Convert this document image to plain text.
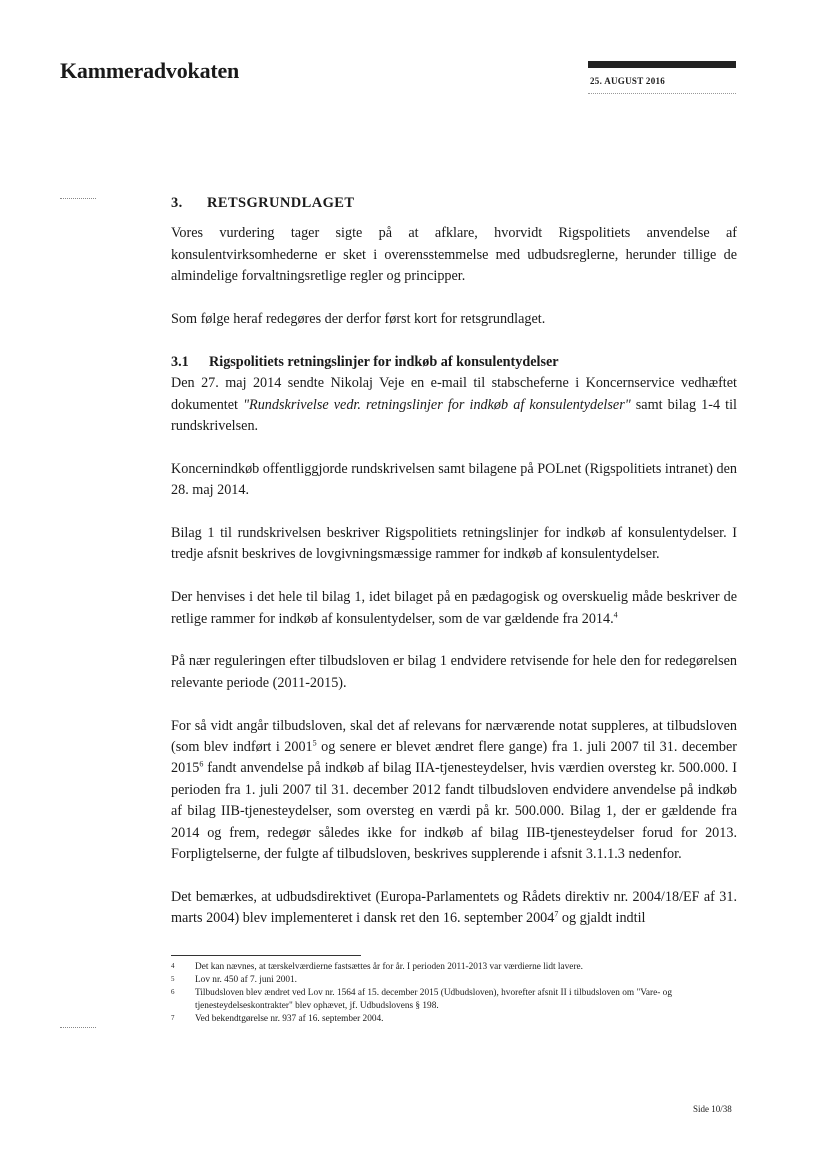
Kammeradvokaten	25. AUGUST 2016
3. RETSGRUNDLAGET

Vores vurdering tager sigte på at afklare, hvorvidt Rigspolitiets anvendelse af konsulentvirksomhederne er sket i overensstemmelse med udbudsreglerne, herunder tillige de almindelige forvaltningsretlige regler og principper.

Som følge heraf redegøres der derfor først kort for retsgrundlaget.

3.1 Rigspolitiets retningslinjer for indkøb af konsulentydelser

Den 27. maj 2014 sendte Nikolaj Veje en e-mail til stabscheferne i Koncernservice vedhæftet dokumentet "Rundskrivelse vedr. retningslinjer for indkøb af konsulentydelser" samt bilag 1-4 til rundskrivelsen.

Koncernindkøb offentliggjorde rundskrivelsen samt bilagene på POLnet (Rigspolitiets intranet) den 28. maj 2014.

Bilag 1 til rundskrivelsen beskriver Rigspolitiets retningslinjer for indkøb af konsulentydelser. I tredje afsnit beskrives de lovgivningsmæssige rammer for indkøb af konsulentydelser.

Der henvises i det hele til bilag 1, idet bilaget på en pædagogisk og overskuelig måde beskriver de retlige rammer for indkøb af konsulentydelser, som de var gældende fra 2014.$^4$

På nær reguleringen efter tilbudsloven er bilag 1 endvidere retvisende for hele den for redegørelsen relevante periode (2011-2015).

For så vidt angår tilbudsloven, skal det af relevans for nærværende notat suppleres, at tilbudsloven (som blev indført i 2001$^5$ og senere er blevet ændret flere gange) fra 1. juli 2007 til 31. december 2015$^6$ fandt anvendelse på indkøb af bilag IIA-tjenesteydelser, hvis værdien oversteg kr. 500.000. I perioden fra 1. juli 2007 til 31. december 2012 fandt tilbudsloven endvidere anvendelse på indkøb af bilag IIB-tjenesteydelser, som oversteg en værdi på kr. 500.000. Bilag 1, der er gældende fra 2014 og frem, redegør således ikke for indkøb af bilag IIB-tjenesteydelser forud for 2013. Forpligtelserne, der fulgte af tilbudsloven, beskrives supplerende i afsnit 3.1.1.3 nedenfor.

Det bemærkes, at udbudsdirektivet (Europa-Parlamentets og Rådets direktiv nr. 2004/18/EF af 31. marts 2004) blev implementeret i dansk ret den 16. september 2004$^7$ og gjaldt indtil

4	Det kan nævnes, at tærskelværdierne fastsættes år for år. I perioden 2011-2013 var værdierne lidt lavere.
5	Lov nr. 450 af 7. juni 2001.
6	Tilbudsloven blev ændret ved Lov nr. 1564 af 15. december 2015 (Udbudsloven), hvorefter afsnit II i tilbudsloven om "Vare- og tjenesteydelseskontrakter" blev ophævet, jf. Udbudslovens § 198.
7	Ved bekendtgørelse nr. 937 af 16. september 2004.
Side 10/38
